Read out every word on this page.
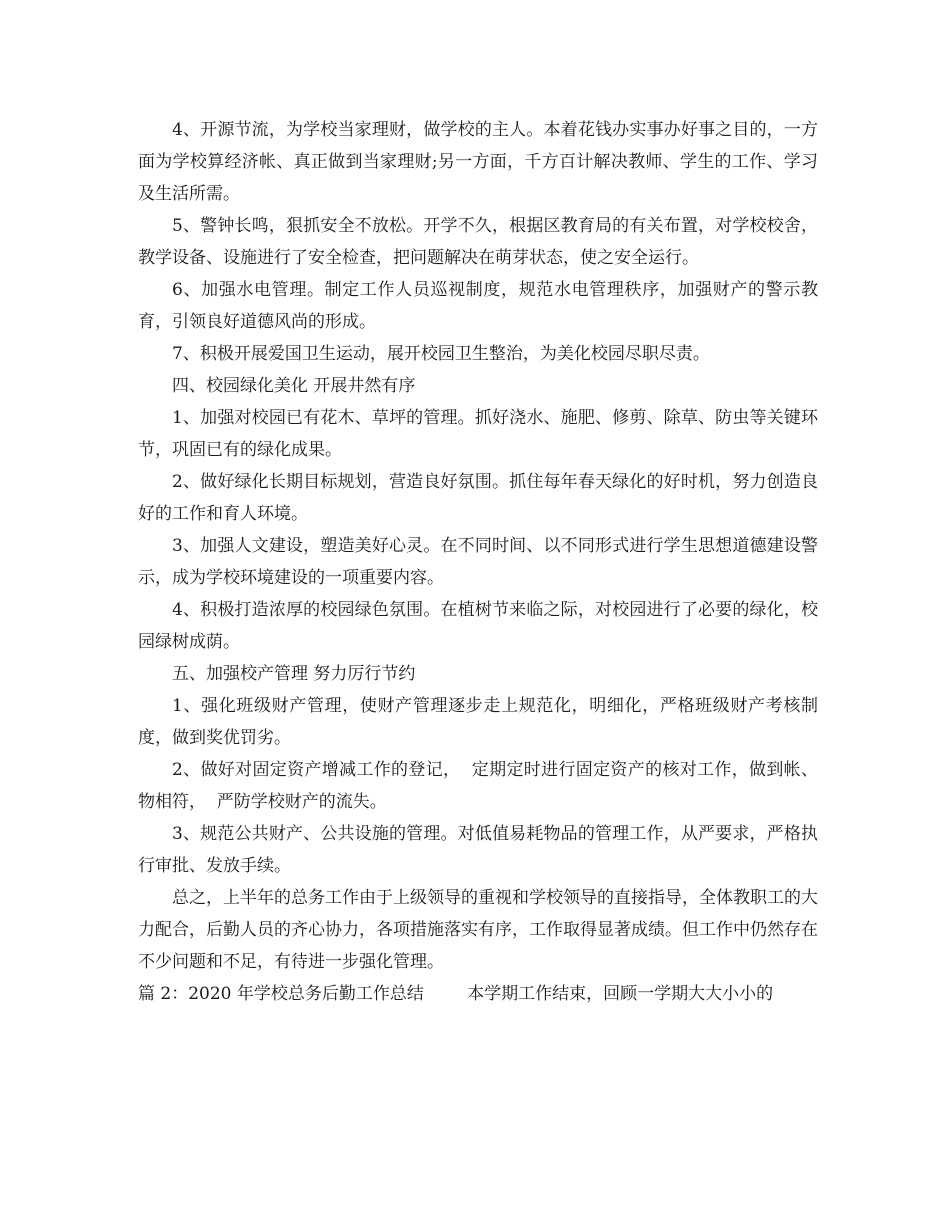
4、开源节流，为学校当家理财，做学校的主人。本着花钱办实事办好事之目的，一方面为学校算经济帐、真正做到当家理财;另一方面，千方百计解决教师、学生的工作、学习及生活所需。

5、警钟长鸣，狠抓安全不放松。开学不久，根据区教育局的有关布置，对学校校舍，教学设备、设施进行了安全检查，把问题解决在萌芽状态，使之安全运行。

6、加强水电管理。制定工作人员巡视制度，规范水电管理秩序，加强财产的警示教育，引领良好道德风尚的形成。

7、积极开展爱国卫生运动，展开校园卫生整治，为美化校园尽职尽责。

四、校园绿化美化 开展井然有序

1、加强对校园已有花木、草坪的管理。抓好浇水、施肥、修剪、除草、防虫等关键环节，巩固已有的绿化成果。

2、做好绿化长期目标规划，营造良好氛围。抓住每年春天绿化的好时机，努力创造良好的工作和育人环境。

3、加强人文建设，塑造美好心灵。在不同时间、以不同形式进行学生思想道德建设警示，成为学校环境建设的一项重要内容。

4、积极打造浓厚的校园绿色氛围。在植树节来临之际，对校园进行了必要的绿化，校园绿树成荫。

五、加强校产管理 努力厉行节约

1、强化班级财产管理，使财产管理逐步走上规范化，明细化，严格班级财产考核制度，做到奖优罚劣。

2、做好对固定资产增减工作的登记，  定期定时进行固定资产的核对工作，做到帐、物相符，  严防学校财产的流失。

3、规范公共财产、公共设施的管理。对低值易耗物品的管理工作，从严要求，严格执行审批、发放手续。

总之，上半年的总务工作由于上级领导的重视和学校领导的直接指导，全体教职工的大力配合，后勤人员的齐心协力，各项措施落实有序，工作取得显著成绩。但工作中仍然存在不少问题和不足，有待进一步强化管理。

篇 2：2020 年学校总务后勤工作总结        本学期工作结束，回顾一学期大大小小的
